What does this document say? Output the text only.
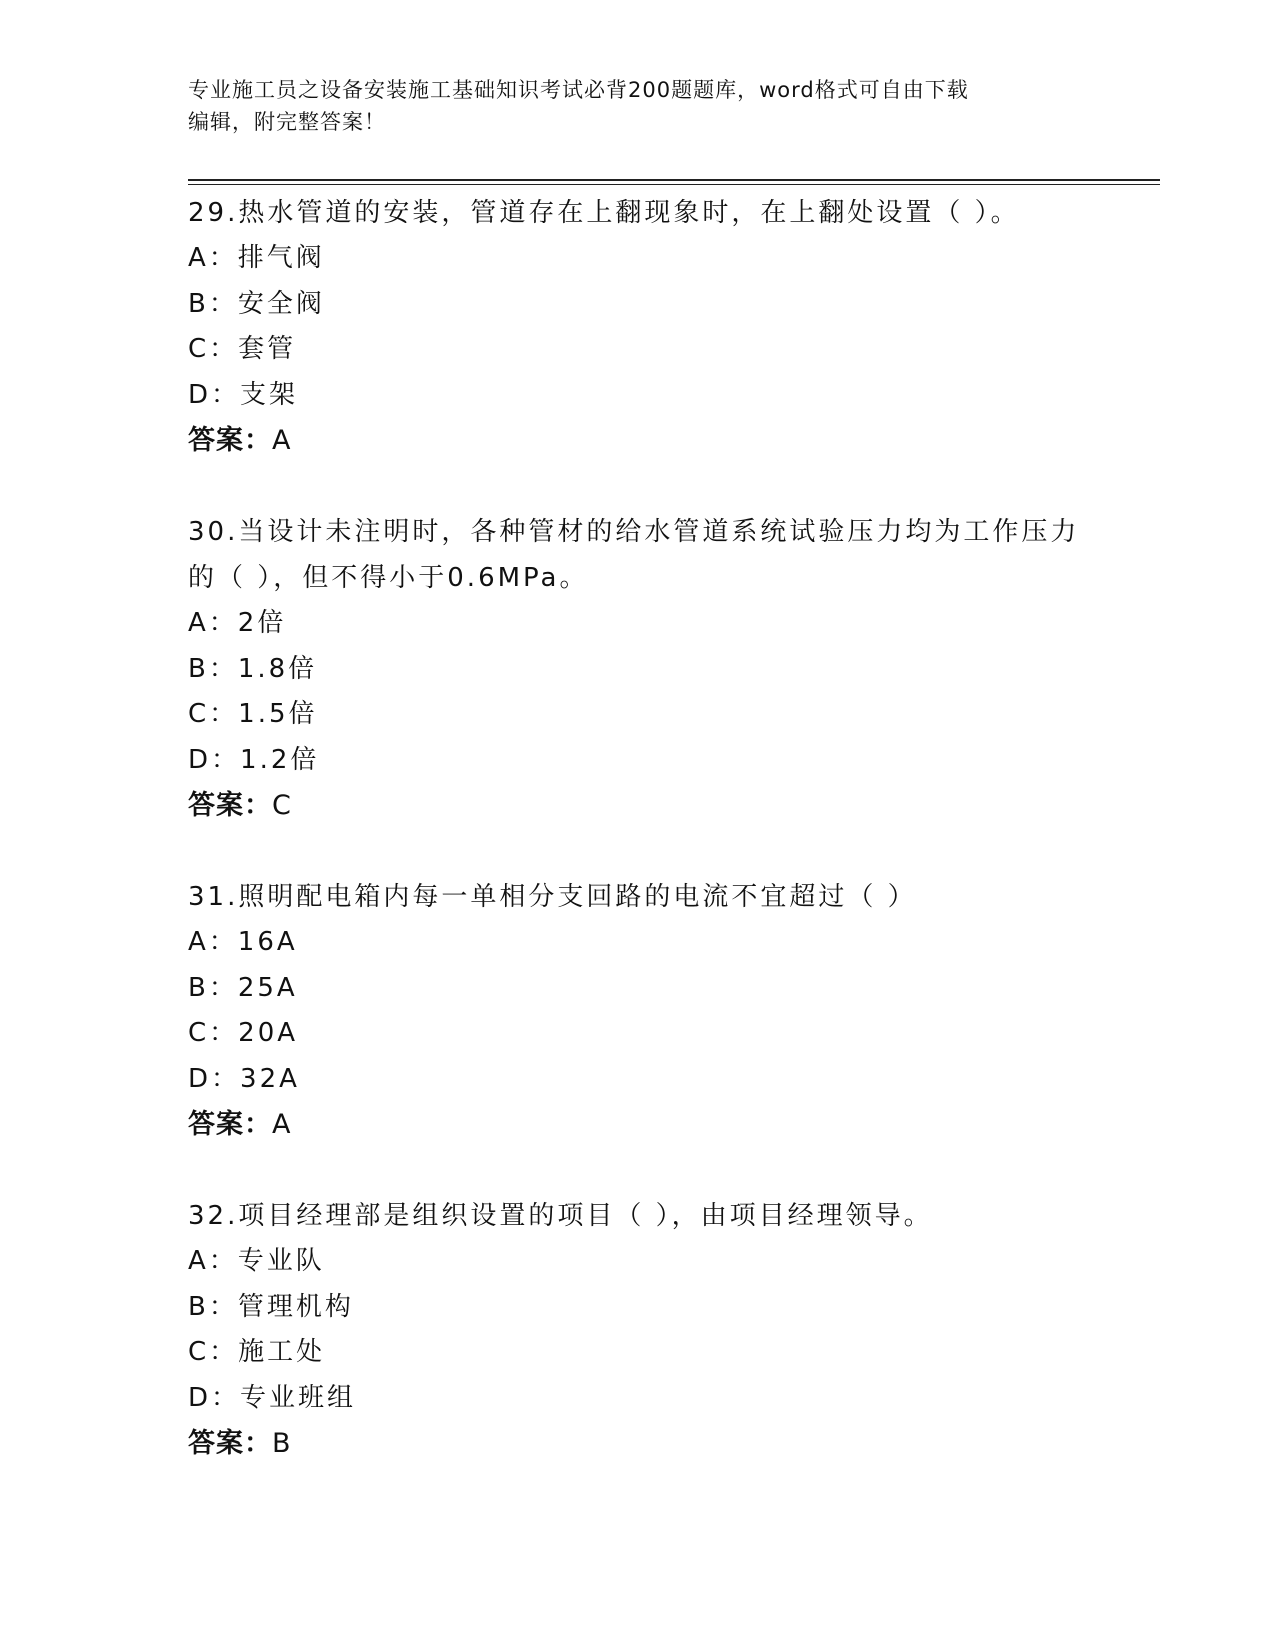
专业施工员之设备安装施工基础知识考试必背200题题库，word格式可自由下载
编辑，附完整答案！
29.热水管道的安装，管道存在上翻现象时，在上翻处设置（ ）。
A：排气阀
B：安全阀
C：套管
D：支架
答案：A
30.当设计未注明时，各种管材的给水管道系统试验压力均为工作压力的（ ），但不得小于0.6MPa。
A：2倍
B：1.8倍
C：1.5倍
D：1.2倍
答案：C
31.照明配电箱内每一单相分支回路的电流不宜超过（ ）
A：16A
B：25A
C：20A
D：32A
答案：A
32.项目经理部是组织设置的项目（ ），由项目经理领导。
A：专业队
B：管理机构
C：施工处
D：专业班组
答案：B
